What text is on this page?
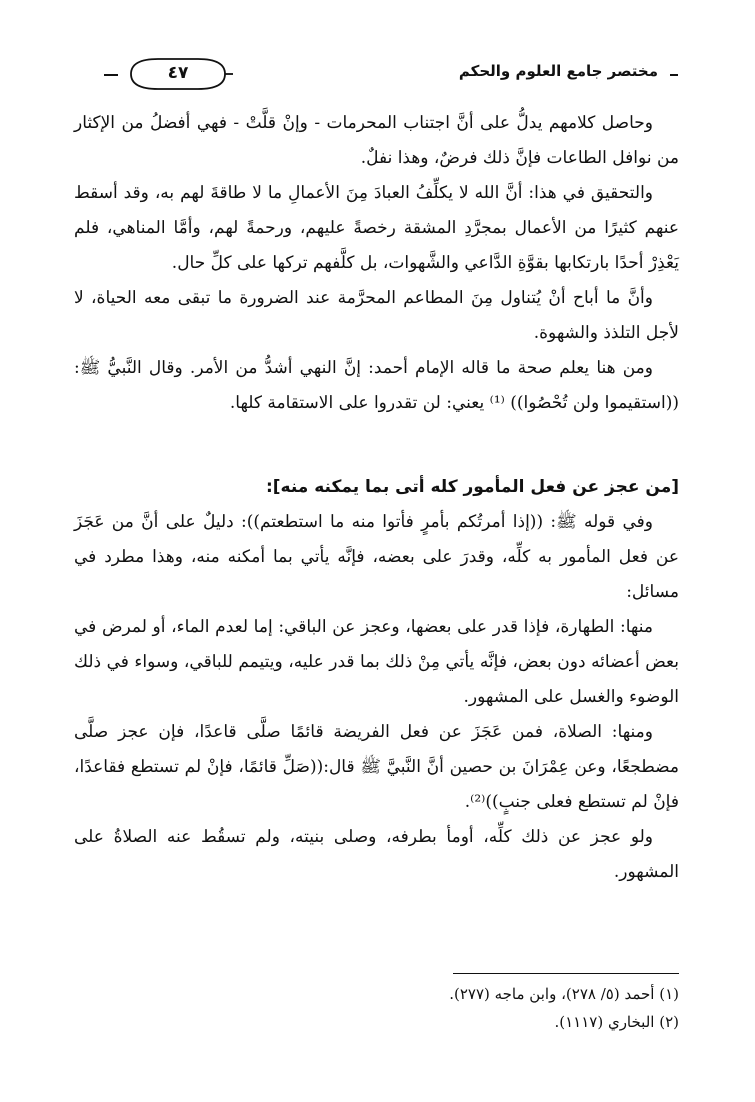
مختصر جامع العلوم والحكم
٤٧

وحاصل كلامهم يدلُّ على أنَّ اجتناب المحرمات - وإنْ قلَّتْ - فهي أفضلُ من الإكثار من نوافل الطاعات فإنَّ ذلك فرضٌ، وهذا نفلٌ.

والتحقيق في هذا: أنَّ الله لا يكلِّفُ العبادَ مِنَ الأعمالِ ما لا طاقةَ لهم به، وقد أسقط عنهم كثيرًا من الأعمال بمجرَّدِ المشقة رخصةً عليهم، ورحمةً لهم، وأمَّا المناهي، فلم يَعْذِرْ أحدًا بارتكابها بقوَّةِ الدَّاعي والشَّهوات، بل كلَّفهم تركها على كلِّ حال.

وأنَّ ما أباح أنْ يُتناول مِنَ المطاعم المحرَّمة عند الضرورة ما تبقى معه الحياة، لا لأجل التلذذ والشهوة.

ومن هنا يعلم صحة ما قاله الإمام أحمد: إنَّ النهي أشدُّ من الأمر. وقال النَّبيُّ ﷺ: ((استقيموا ولن تُحْصُوا)) ⁽¹⁾ يعني: لن تقدروا على الاستقامة كلها.

[من عجز عن فعل المأمور كله أتى بما يمكنه منه]:

وفي قوله ﷺ: ((إذا أمرتُكم بأمرٍ فأتوا منه ما استطعتم)): دليلٌ على أنَّ من عَجَزَ عن فعل المأمور به كلِّه، وقدرَ على بعضه، فإنَّه يأتي بما أمكنه منه، وهذا مطرد في مسائل:

منها: الطهارة، فإذا قدر على بعضها، وعجز عن الباقي: إما لعدم الماء، أو لمرض في بعض أعضائه دون بعض، فإنَّه يأتي مِنْ ذلك بما قدر عليه، ويتيمم للباقي، وسواء في ذلك الوضوء والغسل على المشهور.

ومنها: الصلاة، فمن عَجَزَ عن فعل الفريضة قائمًا صلَّى قاعدًا، فإن عجز صلَّى مضطجعًا، وعن عِمْرَانَ بن حصين أنَّ النَّبيَّ ﷺ قال:((صَلِّ قائمًا، فإنْ لم تستطع فقاعدًا، فإنْ لم تستطع فعلى جنبٍ))⁽²⁾.

ولو عجز عن ذلك كلِّه، أومأ بطرفه، وصلى بنيته، ولم تسقُط عنه الصلاةُ على المشهور.

(١) أحمد (٥/ ٢٧٨)، وابن ماجه (٢٧٧).
(٢) البخاري (١١١٧).
